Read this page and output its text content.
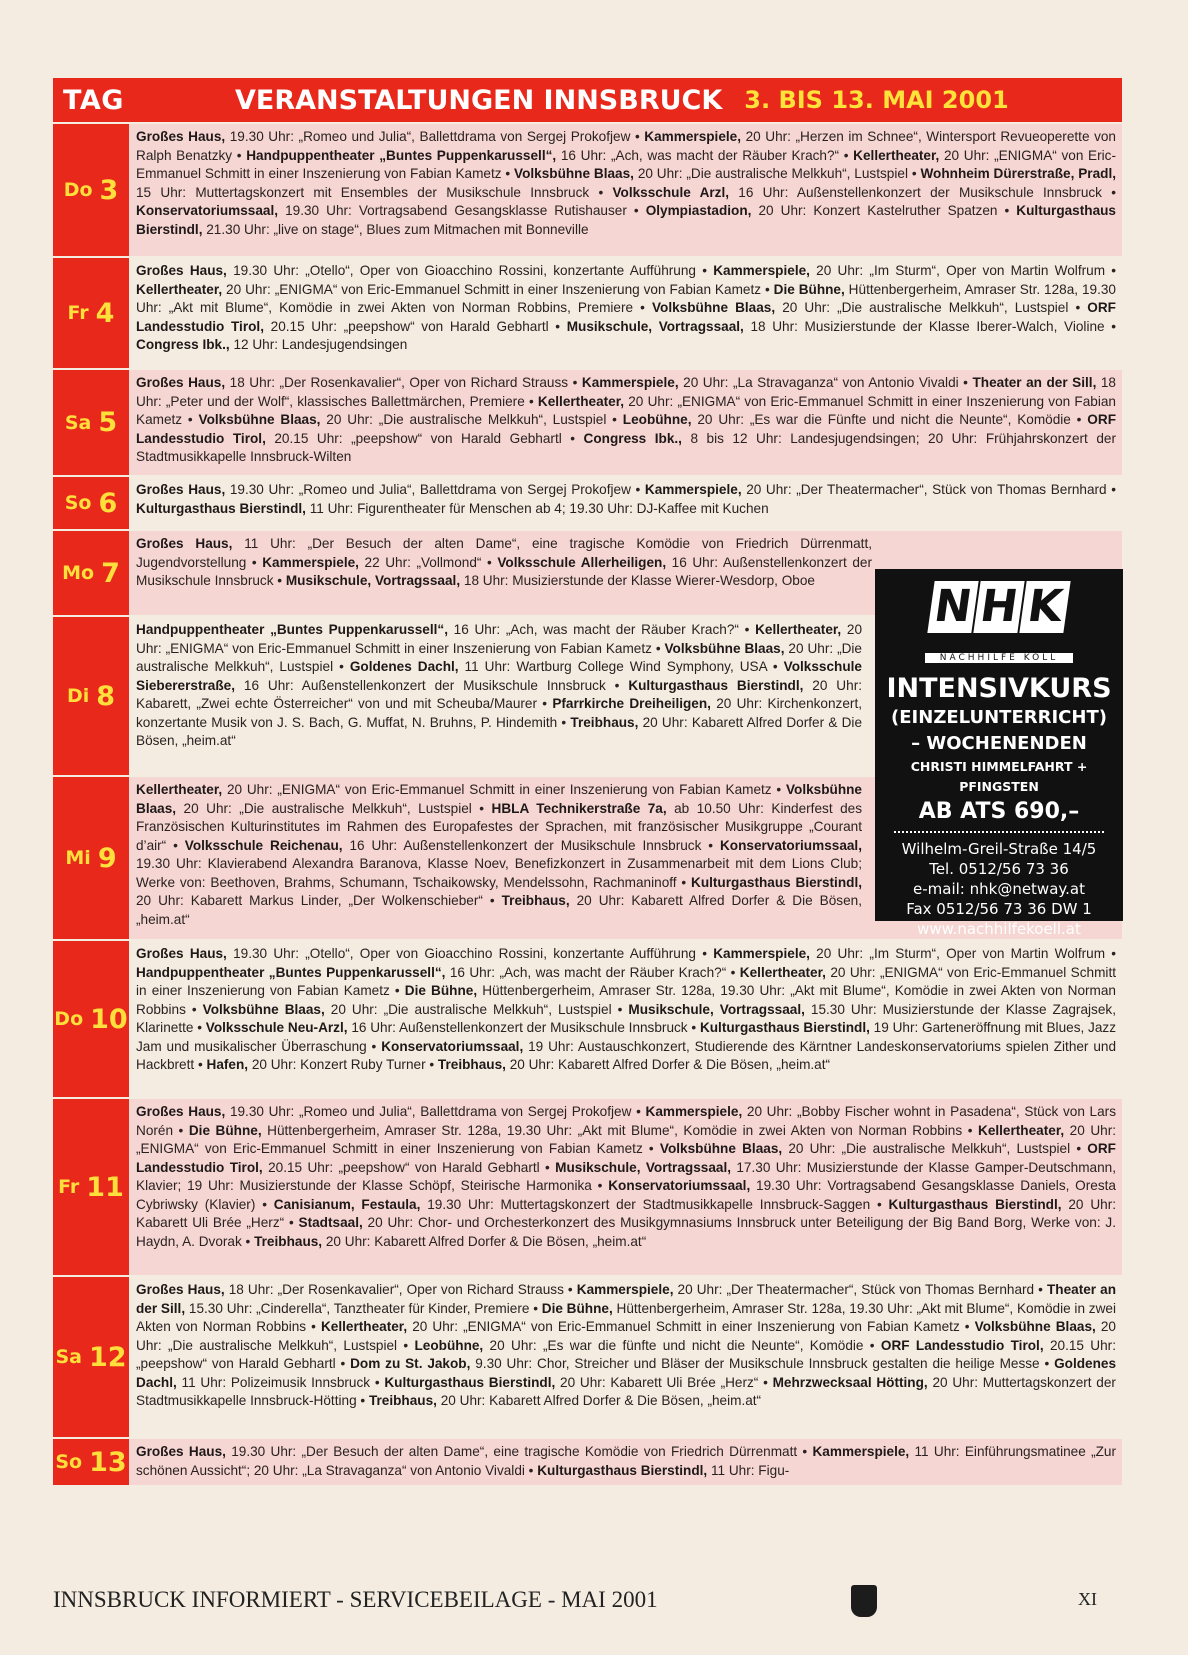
TAG	VERANSTALTUNGEN INNSBRUCK 3. BIS 13. MAI 2001
Do 3
Großes Haus, 19.30 Uhr: „Romeo und Julia“, Ballettdrama von Sergej Prokofjew • Kammerspiele, 20 Uhr: „Herzen im Schnee“, Wintersport Revueoperette von Ralph Benatzky • Handpuppentheater „Buntes Puppenkarussell“, 16 Uhr: „Ach, was macht der Räuber Krach?“ • Kellertheater, 20 Uhr: „ENIGMA“ von Eric-Emmanuel Schmitt in einer Inszenierung von Fabian Kametz • Volksbühne Blaas, 20 Uhr: „Die australische Melkkuh“, Lustspiel • Wohnheim Dürerstraße, Pradl, 15 Uhr: Muttertagskonzert mit Ensembles der Musikschule Innsbruck • Volksschule Arzl, 16 Uhr: Außenstellenkonzert der Musikschule Innsbruck • Konservatoriumssaal, 19.30 Uhr: Vortragsabend Gesangsklasse Rutishauser • Olympiastadion, 20 Uhr: Konzert Kastelruther Spatzen • Kulturgasthaus Bierstindl, 21.30 Uhr: „live on stage“, Blues zum Mitmachen mit Bonneville
Fr 4
Großes Haus, 19.30 Uhr: „Otello“, Oper von Gioacchino Rossini, konzertante Aufführung • Kammerspiele, 20 Uhr: „Im Sturm“, Oper von Martin Wolfrum • Kellertheater, 20 Uhr: „ENIGMA“ von Eric-Emmanuel Schmitt in einer Inszenierung von Fabian Kametz • Die Bühne, Hüttenbergerheim, Amraser Str. 128a, 19.30 Uhr: „Akt mit Blume“, Komödie in zwei Akten von Norman Robbins, Premiere • Volksbühne Blaas, 20 Uhr: „Die australische Melkkuh“, Lustspiel • ORF Landesstudio Tirol, 20.15 Uhr: „peepshow“ von Harald Gebhartl • Musikschule, Vortragssaal, 18 Uhr: Musizierstunde der Klasse Iberer-Walch, Violine • Congress Ibk., 12 Uhr: Landesjugendsingen
Sa 5
Großes Haus, 18 Uhr: „Der Rosenkavalier“, Oper von Richard Strauss • Kammerspiele, 20 Uhr: „La Stravaganza“ von Antonio Vivaldi • Theater an der Sill, 18 Uhr: „Peter und der Wolf“, klassisches Ballettmärchen, Premiere • Kellertheater, 20 Uhr: „ENIGMA“ von Eric-Emmanuel Schmitt in einer Inszenierung von Fabian Kametz • Volksbühne Blaas, 20 Uhr: „Die australische Melkkuh“, Lustspiel • Leobühne, 20 Uhr: „Es war die Fünfte und nicht die Neunte“, Komödie • ORF Landesstudio Tirol, 20.15 Uhr: „peepshow“ von Harald Gebhartl • Congress Ibk., 8 bis 12 Uhr: Landesjugendsingen; 20 Uhr: Frühjahrskonzert der Stadtmusikkapelle Innsbruck-Wilten
So 6	Großes Haus, 19.30 Uhr: „Romeo und Julia“, Ballettdrama von Sergej Prokofjew • Kammerspiele, 20 Uhr: „Der Theatermacher“, Stück von Thomas Bernhard • Kulturgasthaus Bierstindl, 11 Uhr: Figurentheater für Menschen ab 4; 19.30 Uhr: DJ-Kaffee mit Kuchen
Mo 7
Großes Haus, 11 Uhr: „Der Besuch der alten Dame“, eine tragische Komödie von Friedrich Dürrenmatt, Jugendvorstellung • Kammerspiele, 22 Uhr: „Vollmond“ • Volksschule Allerheiligen, 16 Uhr: Außenstellenkonzert der Musikschule Innsbruck • Musikschule, Vortragssaal, 18 Uhr: Musizierstunde der Klasse Wierer-Wesdorp, Oboe
Di 8
Handpuppentheater „Buntes Puppenkarussell“, 16 Uhr: „Ach, was macht der Räuber Krach?“ • Kellertheater, 20 Uhr: „ENIGMA“ von Eric-Emmanuel Schmitt in einer Inszenierung von Fabian Kametz • Volksbühne Blaas, 20 Uhr: „Die australische Melkkuh“, Lustspiel • Goldenes Dachl, 11 Uhr: Wartburg College Wind Symphony, USA • Volksschule Siebererstraße, 16 Uhr: Außenstellenkonzert der Musikschule Innsbruck • Kulturgasthaus Bierstindl, 20 Uhr: Kabarett, „Zwei echte Österreicher“ von und mit Scheuba/Maurer • Pfarrkirche Dreiheiligen, 20 Uhr: Kirchenkonzert, konzertante Musik von J. S. Bach, G. Muffat, N. Bruhns, P. Hindemith • Treibhaus, 20 Uhr: Kabarett Alfred Dorfer & Die Bösen, „heim.at“
Mi 9
Kellertheater, 20 Uhr: „ENIGMA“ von Eric-Emmanuel Schmitt in einer Inszenierung von Fabian Kametz • Volksbühne Blaas, 20 Uhr: „Die australische Melkkuh“, Lustspiel • HBLA Technikerstraße 7a, ab 10.50 Uhr: Kinderfest des Französischen Kulturinstitutes im Rahmen des Europafestes der Sprachen, mit französischer Musikgruppe „Courant d’air“ • Volksschule Reichenau, 16 Uhr: Außenstellenkonzert der Musikschule Innsbruck • Konservatoriumssaal, 19.30 Uhr: Klavierabend Alexandra Baranova, Klasse Noev, Benefizkonzert in Zusammenarbeit mit dem Lions Club; Werke von: Beethoven, Brahms, Schumann, Tschaikowsky, Mendelssohn, Rachmaninoff • Kulturgasthaus Bierstindl, 20 Uhr: Kabarett Markus Linder, „Der Wolkenschieber“ • Treibhaus, 20 Uhr: Kabarett Alfred Dorfer & Die Bösen, „heim.at“
Do 10
Großes Haus, 19.30 Uhr: „Otello“, Oper von Gioacchino Rossini, konzertante Aufführung • Kammerspiele, 20 Uhr: „Im Sturm“, Oper von Martin Wolfrum • Handpuppentheater „Buntes Puppenkarussell“, 16 Uhr: „Ach, was macht der Räuber Krach?“ • Kellertheater, 20 Uhr: „ENIGMA“ von Eric-Emmanuel Schmitt in einer Inszenierung von Fabian Kametz • Die Bühne, Hüttenbergerheim, Amraser Str. 128a, 19.30 Uhr: „Akt mit Blume“, Komödie in zwei Akten von Norman Robbins • Volksbühne Blaas, 20 Uhr: „Die australische Melkkuh“, Lustspiel • Musikschule, Vortragssaal, 15.30 Uhr: Musizierstunde der Klasse Zagrajsek, Klarinette • Volksschule Neu-Arzl, 16 Uhr: Außenstellenkonzert der Musikschule Innsbruck • Kulturgasthaus Bierstindl, 19 Uhr: Gartenеröffnung mit Blues, Jazz Jam und musikalischer Überraschung • Konservatoriumssaal, 19 Uhr: Austauschkonzert, Studierende des Kärntner Landeskonservatoriums spielen Zither und Hackbrett • Hafen, 20 Uhr: Konzert Ruby Turner • Treibhaus, 20 Uhr: Kabarett Alfred Dorfer & Die Bösen, „heim.at“
Fr 11
Großes Haus, 19.30 Uhr: „Romeo und Julia“, Ballettdrama von Sergej Prokofjew • Kammerspiele, 20 Uhr: „Bobby Fischer wohnt in Pasadena“, Stück von Lars Norén • Die Bühne, Hüttenbergerheim, Amraser Str. 128a, 19.30 Uhr: „Akt mit Blume“, Komödie in zwei Akten von Norman Robbins • Kellertheater, 20 Uhr: „ENIGMA“ von Eric-Emmanuel Schmitt in einer Inszenierung von Fabian Kametz • Volksbühne Blaas, 20 Uhr: „Die australische Melkkuh“, Lustspiel • ORF Landesstudio Tirol, 20.15 Uhr: „peepshow“ von Harald Gebhartl • Musikschule, Vortragssaal, 17.30 Uhr: Musizierstunde der Klasse Gamper-Deutschmann, Klavier; 19 Uhr: Musizierstunde der Klasse Schöpf, Steirische Harmonika • Konservatoriumssaal, 19.30 Uhr: Vortragsabend Gesangsklasse Daniels, Oresta Cybriwsky (Klavier) • Canisianum, Festaula, 19.30 Uhr: Muttertagskonzert der Stadtmusikkapelle Innsbruck-Saggen • Kulturgasthaus Bierstindl, 20 Uhr: Kabarett Uli Brée „Herz“ • Stadtsaal, 20 Uhr: Chor- und Orchesterkonzert des Musikgymnasiums Innsbruck unter Beteiligung der Big Band Borg, Werke von: J. Haydn, A. Dvorak • Treibhaus, 20 Uhr: Kabarett Alfred Dorfer & Die Bösen, „heim.at“
Sa 12
Großes Haus, 18 Uhr: „Der Rosenkavalier“, Oper von Richard Strauss • Kammerspiele, 20 Uhr: „Der Theatermacher“, Stück von Thomas Bernhard • Theater an der Sill, 15.30 Uhr: „Cinderella“, Tanztheater für Kinder, Premiere • Die Bühne, Hüttenbergerheim, Amraser Str. 128a, 19.30 Uhr: „Akt mit Blume“, Komödie in zwei Akten von Norman Robbins • Kellertheater, 20 Uhr: „ENIGMA“ von Eric-Emmanuel Schmitt in einer Inszenierung von Fabian Kametz • Volksbühne Blaas, 20 Uhr: „Die australische Melkkuh“, Lustspiel • Leobühne, 20 Uhr: „Es war die fünfte und nicht die Neunte“, Komödie • ORF Landesstudio Tirol, 20.15 Uhr: „peepshow“ von Harald Gebhartl • Dom zu St. Jakob, 9.30 Uhr: Chor, Streicher und Bläser der Musikschule Innsbruck gestalten die heilige Messe • Goldenes Dachl, 11 Uhr: Polizeimusik Innsbruck • Kulturgasthaus Bierstindl, 20 Uhr: Kabarett Uli Brée „Herz“ • Mehrzwecksaal Hötting, 20 Uhr: Muttertagskonzert der Stadtmusikkapelle Innsbruck-Hötting • Treibhaus, 20 Uhr: Kabarett Alfred Dorfer & Die Bösen, „heim.at“
So 13 Großes Haus, 19.30 Uhr: „Der Besuch der alten Dame“, eine tragische Komödie von Friedrich Dürrenmatt • Kammerspiele, 11 Uhr: Einführungsmatinee „Zur schönen Aussicht“; 20 Uhr: „La Stravaganza“ von Antonio Vivaldi • Kulturgasthaus Bierstindl, 11 Uhr: Figu-
NHK
NACHHILFE KÖLL
INTENSIVKURS
(EINZELUNTERRICHT)
– WOCHENENDEN
CHRISTI HIMMELFAHRT + PFINGSTEN
AB ATS 690,–
Wilhelm-Greil-Straße 14/5
Tel. 0512/56 73 36
e-mail: nhk@netway.at
Fax 0512/56 73 36 DW 1
www.nachhilfekoell.at
INNSBRUCK INFORMIERT - SERVICEBEILAGE - MAI 2001	XI
